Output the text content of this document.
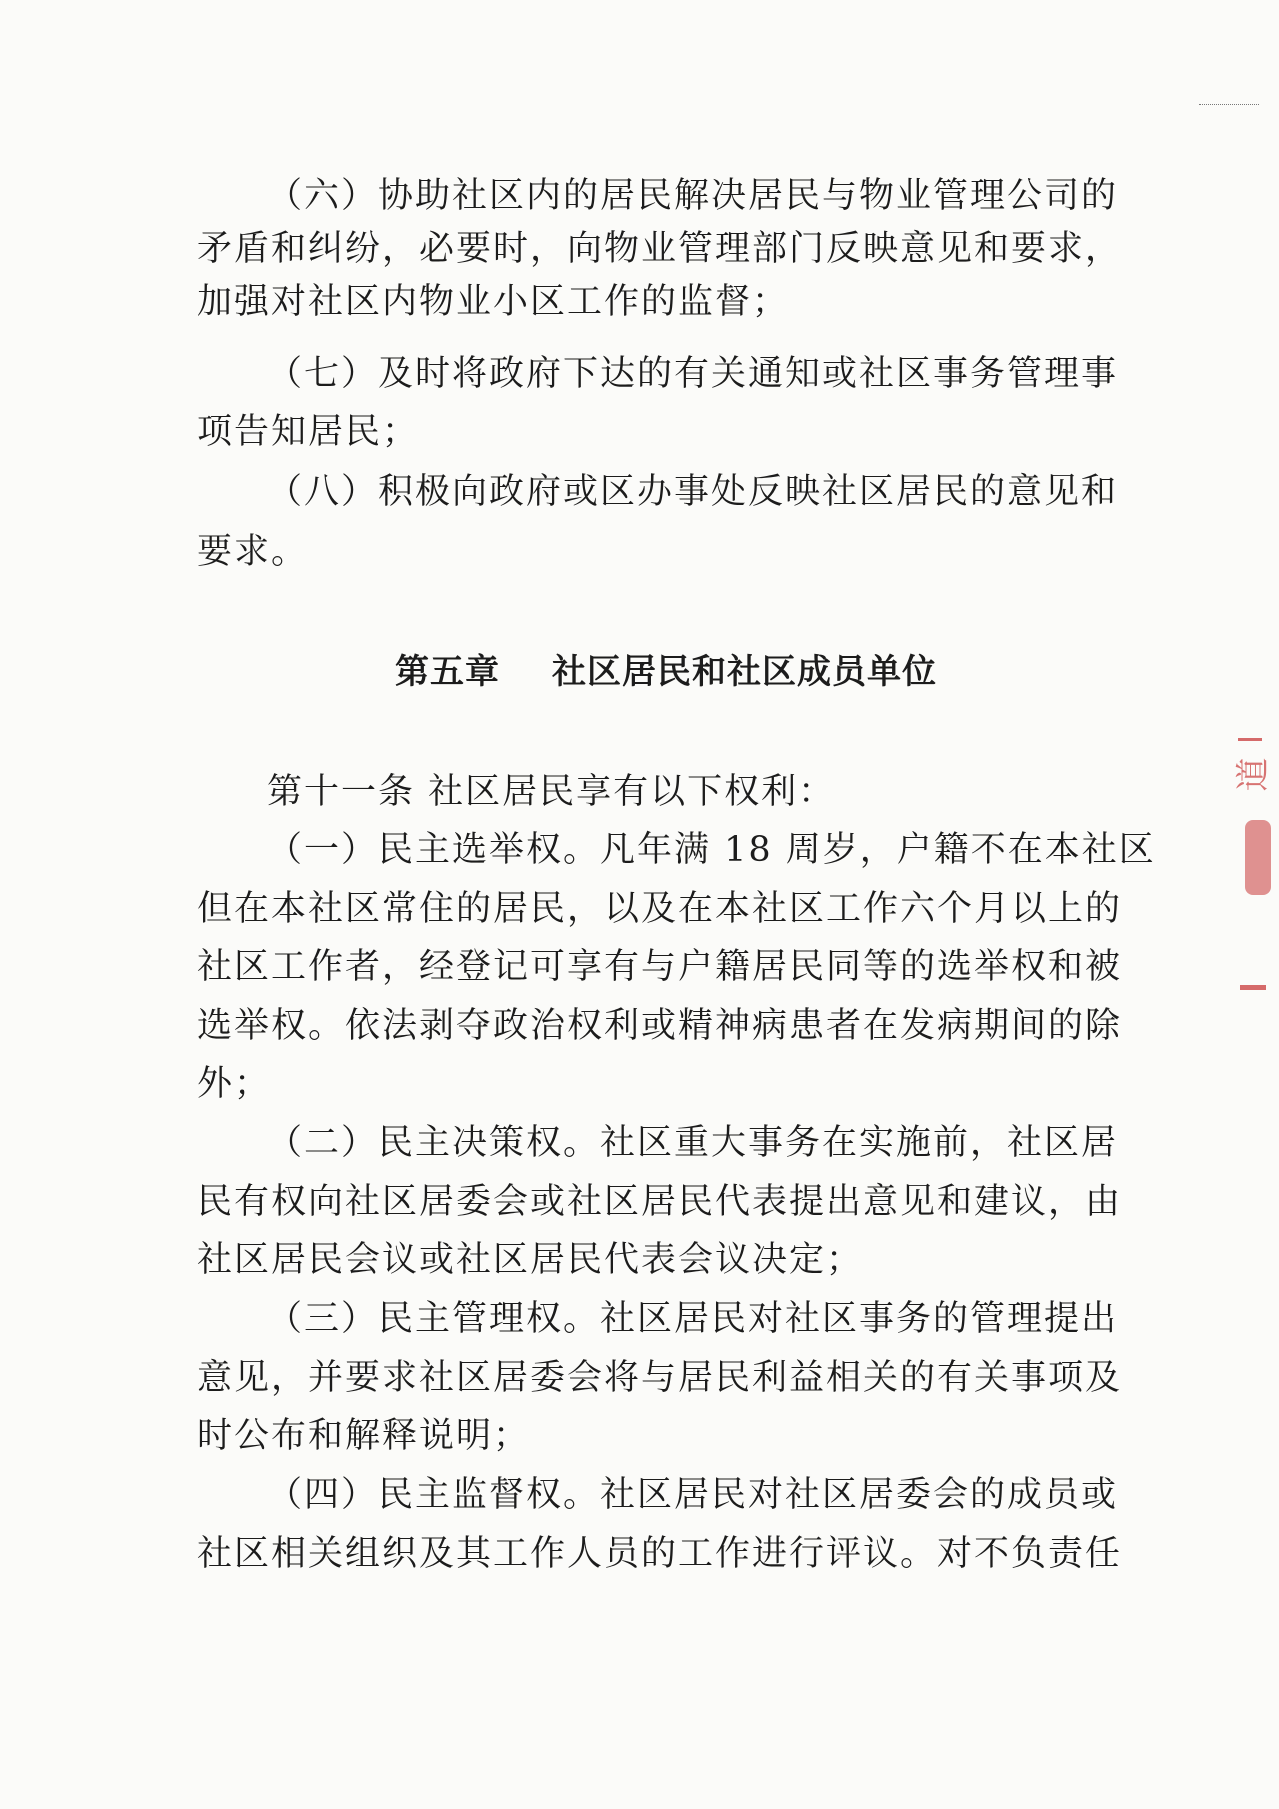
（六）协助社区内的居民解决居民与物业管理公司的
矛盾和纠纷，必要时，向物业管理部门反映意见和要求，
加强对社区内物业小区工作的监督；
（七）及时将政府下达的有关通知或社区事务管理事
项告知居民；
（八）积极向政府或区办事处反映社区居民的意见和
要求。
第五章 社区居民和社区成员单位
第十一条 社区居民享有以下权利：
（一）民主选举权。凡年满 18 周岁，户籍不在本社区
但在本社区常住的居民，以及在本社区工作六个月以上的
社区工作者，经登记可享有与户籍居民同等的选举权和被
选举权。依法剥夺政治权利或精神病患者在发病期间的除
外；
（二）民主决策权。社区重大事务在实施前，社区居
民有权向社区居委会或社区居民代表提出意见和建议，由
社区居民会议或社区居民代表会议决定；
（三）民主管理权。社区居民对社区事务的管理提出
意见，并要求社区居委会将与居民利益相关的有关事项及
时公布和解释说明；
（四）民主监督权。社区居民对社区居委会的成员或
社区相关组织及其工作人员的工作进行评议。对不负责任
道
